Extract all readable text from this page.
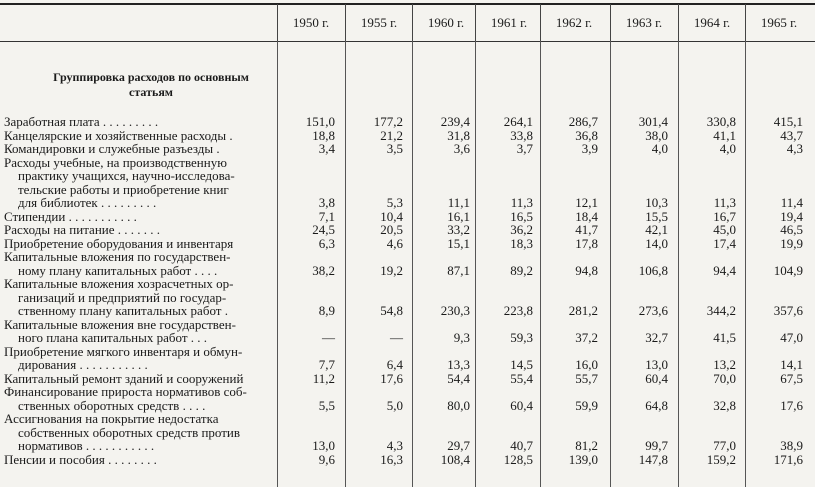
1950 г.	1955 г.	1960 г.	1961 г.	1962 г.	1963 г.	1964 г.	1965 г.
Группировка расходов по основным статьям
Заработная плата . . . . . . . . .	151,0	177,2	239,4	264,1	286,7	301,4	330,8	415,1
Канцелярские и хозяйственные расходы .	18,8	21,2	31,8	33,8	36,8	38,0	41,1	43,7
Командировки и служебные разъезды .	3,4	3,5	3,6	3,7	3,9	4,0	4,0	4,3
Расходы учебные, на производственную
практику учащихся, научно-исследова-
тельские работы и приобретение книг
для библиотек . . . . . . . . .	3,8	5,3	11,1	11,3	12,1	10,3	11,3	11,4
Стипендии . . . . . . . . . . .	7,1	10,4	16,1	16,5	18,4	15,5	16,7	19,4
Расходы на питание . . . . . . .	24,5	20,5	33,2	36,2	41,7	42,1	45,0	46,5
Приобретение оборудования и инвентаря	6,3	4,6	15,1	18,3	17,8	14,0	17,4	19,9
Капитальные вложения по государствен-
ному плану капитальных работ . . . .	38,2	19,2	87,1	89,2	94,8	106,8	94,4	104,9
Капитальные вложения хозрасчетных ор-
ганизаций и предприятий по государ-
ственному плану капитальных работ .	8,9	54,8	230,3	223,8	281,2	273,6	344,2	357,6
Капитальные вложения вне государствен-
ного плана капитальных работ . . .	—	—	9,3	59,3	37,2	32,7	41,5	47,0
Приобретение мягкого инвентаря и обмун-
дирования . . . . . . . . . . .	7,7	6,4	13,3	14,5	16,0	13,0	13,2	14,1
Капитальный ремонт зданий и сооружений	11,2	17,6	54,4	55,4	55,7	60,4	70,0	67,5
Финансирование прироста нормативов соб-
ственных оборотных средств . . . .	5,5	5,0	80,0	60,4	59,9	64,8	32,8	17,6
Ассигнования на покрытие недостатка
собственных оборотных средств против
нормативов . . . . . . . . . . .	13,0	4,3	29,7	40,7	81,2	99,7	77,0	38,9
Пенсии и пособия . . . . . . . .	9,6	16,3	108,4	128,5	139,0	147,8	159,2	171,6
